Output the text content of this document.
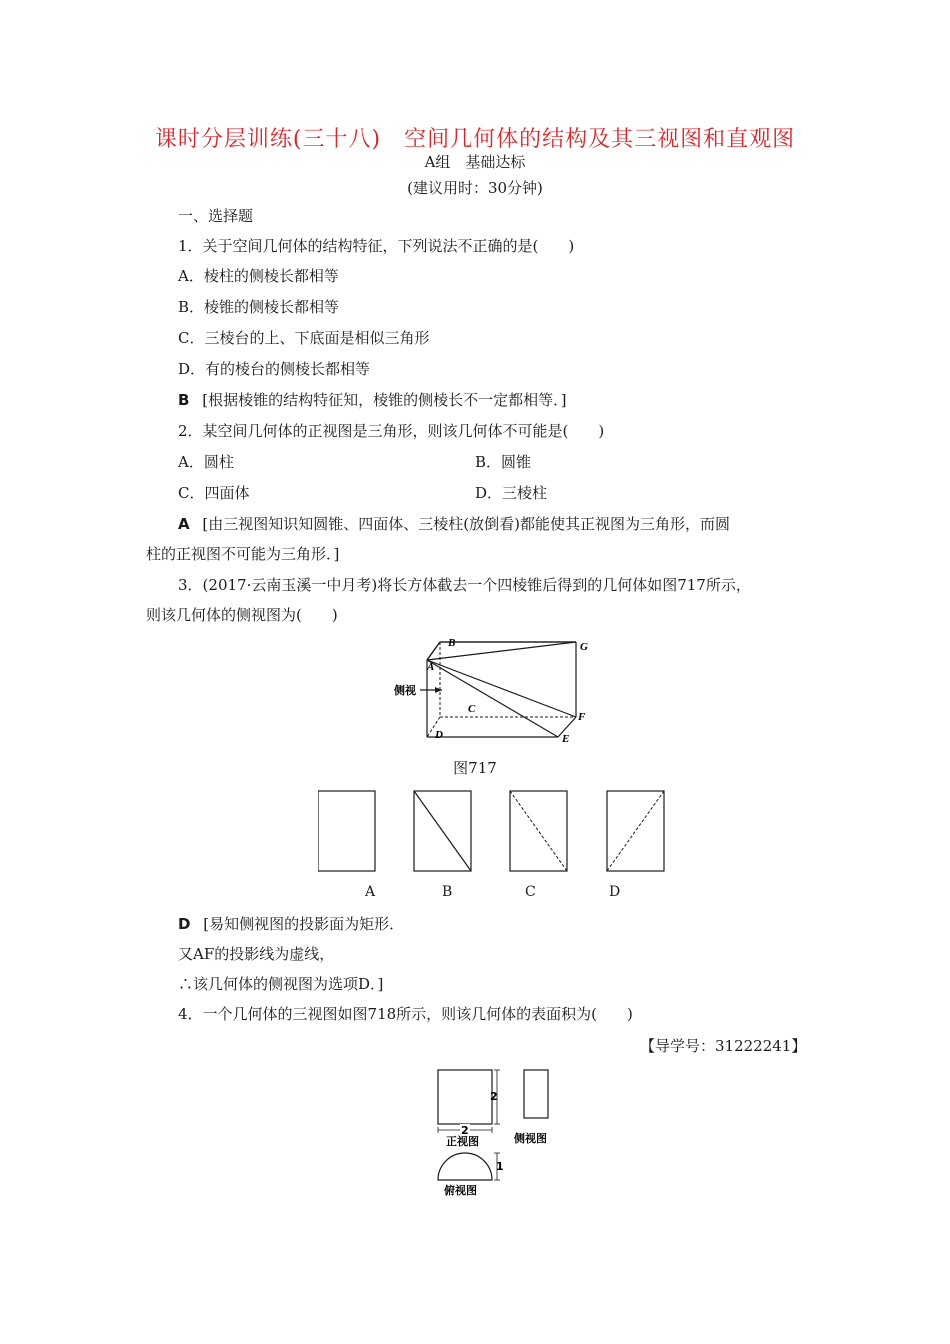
课时分层训练(三十八)　空间几何体的结构及其三视图和直观图
A组　基础达标
(建议用时：30分钟)
一、选择题
1．关于空间几何体的结构特征，下列说法不正确的是(　　)
A．棱柱的侧棱长都相等
B．棱锥的侧棱长都相等
C．三棱台的上、下底面是相似三角形
D．有的棱台的侧棱长都相等
B [根据棱锥的结构特征知，棱锥的侧棱长不一定都相等．]
2．某空间几何体的正视图是三角形，则该几何体不可能是(　　)
A．圆柱	B．圆锥
C．四面体	D．三棱柱
A [由三视图知识知圆锥、四面体、三棱柱(放倒看)都能使其正视图为三角形，而圆
柱的正视图不可能为三角形．]
3．(2017·云南玉溪一中月考)将长方体截去一个四棱锥后得到的几何体如图717所示，
则该几何体的侧视图为(　　)
B	G
A
侧视
C
F
D	E
图717
A	B	C	D
D [易知侧视图的投影面为矩形．
又AF的投影线为虚线，
∴该几何体的侧视图为选项D．]
4．一个几何体的三视图如图718所示，则该几何体的表面积为(　　)
【导学号：31222241】
2
2
正视图	侧视图
1
俯视图
